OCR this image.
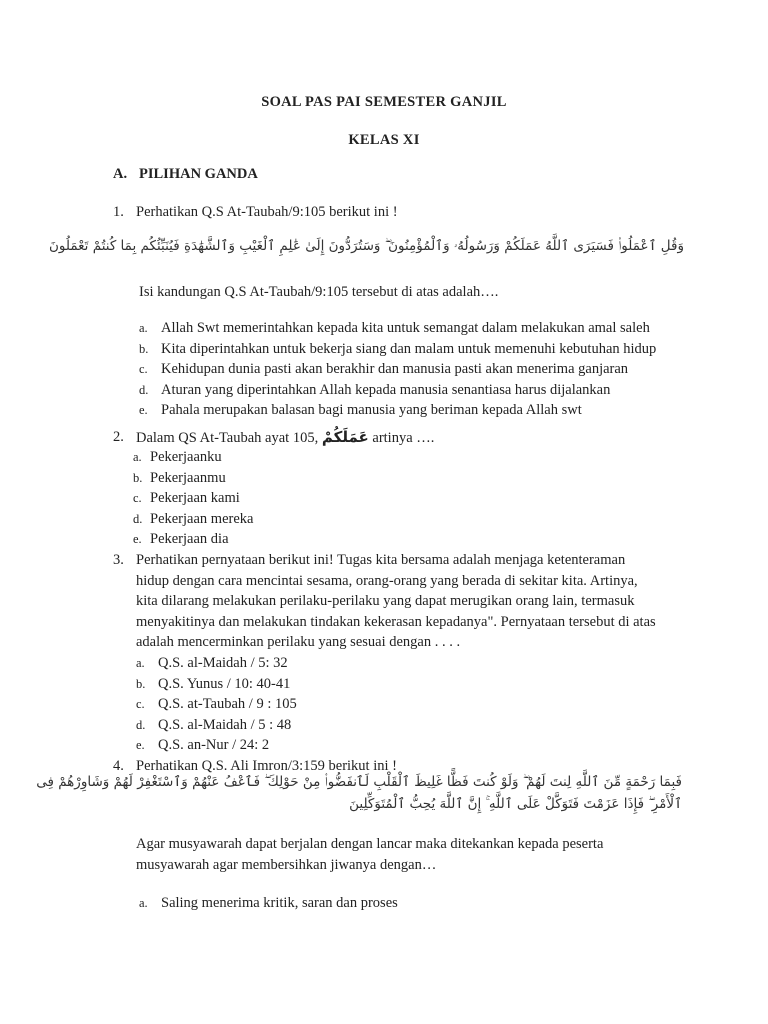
SOAL PAS PAI SEMESTER GANJIL
KELAS XI
A. PILIHAN GANDA
1. Perhatikan Q.S At-Taubah/9:105 berikut ini !
وَقُلِ ٱعْمَلُوا۟ فَسَيَرَى ٱللَّهُ عَمَلَكُمْ وَرَسُولُهُۥ وَٱلْمُؤْمِنُونَ ۖ وَسَتُرَدُّونَ إِلَىٰ عَٰلِمِ ٱلْغَيْبِ وَٱلشَّهَٰدَةِ فَيُنَبِّئُكُم بِمَا كُنتُمْ تَعْمَلُونَ
Isi kandungan Q.S At-Taubah/9:105 tersebut di atas adalah….
a. Allah Swt memerintahkan kepada kita untuk semangat dalam melakukan amal saleh
b. Kita diperintahkan untuk bekerja siang dan malam untuk memenuhi kebutuhan hidup
c. Kehidupan dunia pasti akan berakhir dan manusia pasti akan menerima ganjaran
d. Aturan yang diperintahkan Allah kepada manusia senantiasa harus dijalankan
e. Pahala merupakan balasan bagi manusia yang beriman kepada Allah swt
2. Dalam QS At-Taubah ayat 105, عَمَلَكُمْ artinya ….
a. Pekerjaanku
b. Pekerjaanmu
c. Pekerjaan kami
d. Pekerjaan mereka
e. Pekerjaan dia
3. Perhatikan pernyataan berikut ini! Tugas kita bersama adalah menjaga ketenteraman
hidup dengan cara mencintai sesama, orang-orang yang berada di sekitar kita. Artinya,
kita dilarang melakukan perilaku-perilaku yang dapat merugikan orang lain, termasuk
menyakitinya dan melakukan tindakan kekerasan kepadanya". Pernyataan tersebut di atas
adalah mencerminkan perilaku yang sesuai dengan . . . .
a. Q.S. al-Maidah / 5: 32
b. Q.S. Yunus / 10: 40-41
c. Q.S. at-Taubah / 9 : 105
d. Q.S. al-Maidah / 5 : 48
e. Q.S. an-Nur / 24: 2
4. Perhatikan Q.S. Ali Imron/3:159 berikut ini !
فَبِمَا رَحْمَةٍ مِّنَ ٱللَّهِ لِنتَ لَهُمْ ۖ وَلَوْ كُنتَ فَظًّا غَلِيظَ ٱلْقَلْبِ لَٱنفَضُّوا۟ مِنْ حَوْلِكَ ۖ فَٱعْفُ عَنْهُمْ وَٱسْتَغْفِرْ لَهُمْ وَشَاوِرْهُمْ فِى
ٱلْأَمْرِ ۖ فَإِذَا عَزَمْتَ فَتَوَكَّلْ عَلَى ٱللَّهِ ۚ إِنَّ ٱللَّهَ يُحِبُّ ٱلْمُتَوَكِّلِينَ
Agar musyawarah dapat berjalan dengan lancar maka ditekankan kepada peserta
musyawarah agar membersihkan jiwanya dengan…
a. Saling menerima kritik, saran dan proses
